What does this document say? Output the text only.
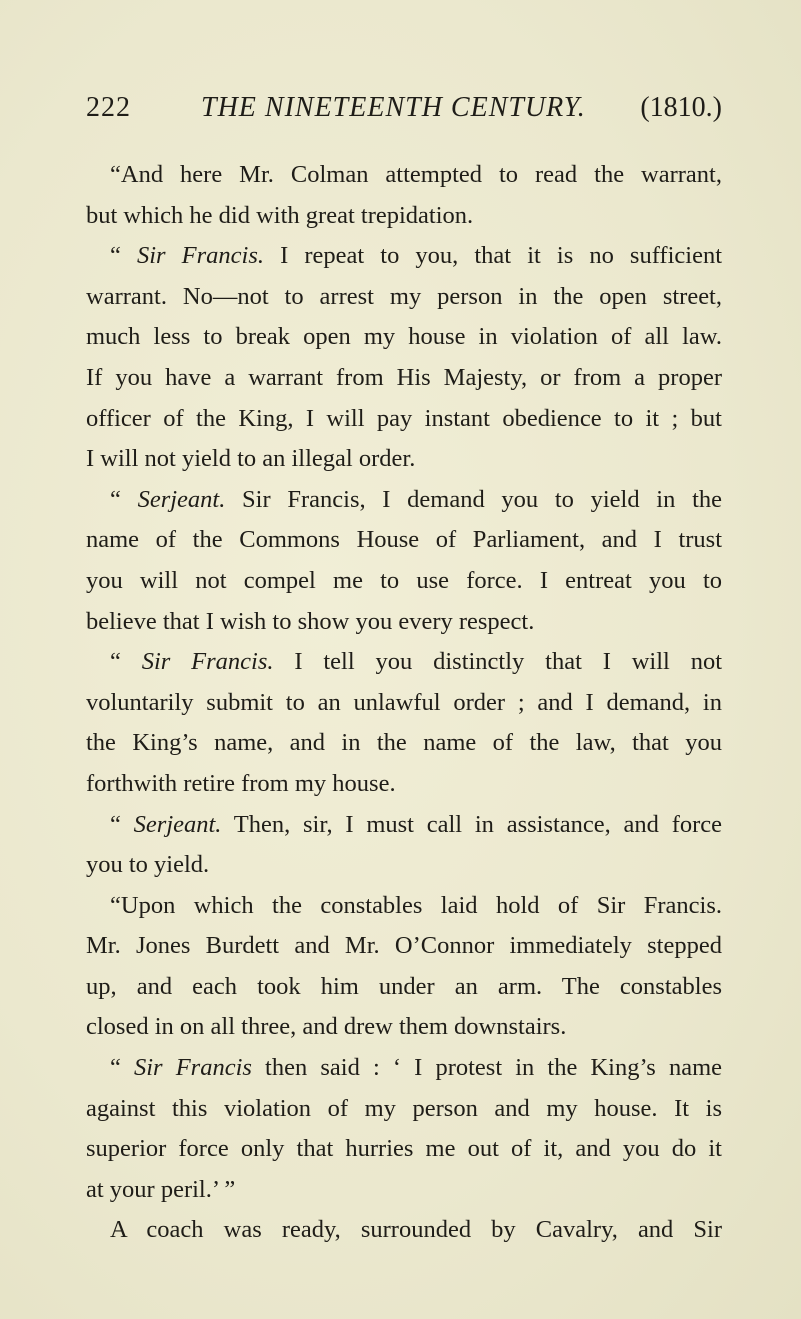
222	THE NINETEENTH CENTURY. (1810.)
“And here Mr. Colman attempted to read the warrant,
but which he did with great trepidation.
“ Sir Francis. I repeat to you, that it is no sufficient
warrant. No—not to arrest my person in the open street,
much less to break open my house in violation of all law.
If you have a warrant from His Majesty, or from a proper
officer of the King, I will pay instant obedience to it ; but
I will not yield to an illegal order.
“ Serjeant. Sir Francis, I demand you to yield in the
name of the Commons House of Parliament, and I trust
you will not compel me to use force. I entreat you to
believe that I wish to show you every respect.
“ Sir Francis. I tell you distinctly that I will not
voluntarily submit to an unlawful order ; and I demand, in
the King’s name, and in the name of the law, that you
forthwith retire from my house.
“ Serjeant. Then, sir, I must call in assistance, and force
you to yield.
“Upon which the constables laid hold of Sir Francis.
Mr. Jones Burdett and Mr. O’Connor immediately stepped
up, and each took him under an arm. The constables
closed in on all three, and drew them downstairs.
“ Sir Francis then said : ‘ I protest in the King’s name
against this violation of my person and my house. It is
superior force only that hurries me out of it, and you do it
at your peril.’ ”
A coach was ready, surrounded by Cavalry, and Sir
